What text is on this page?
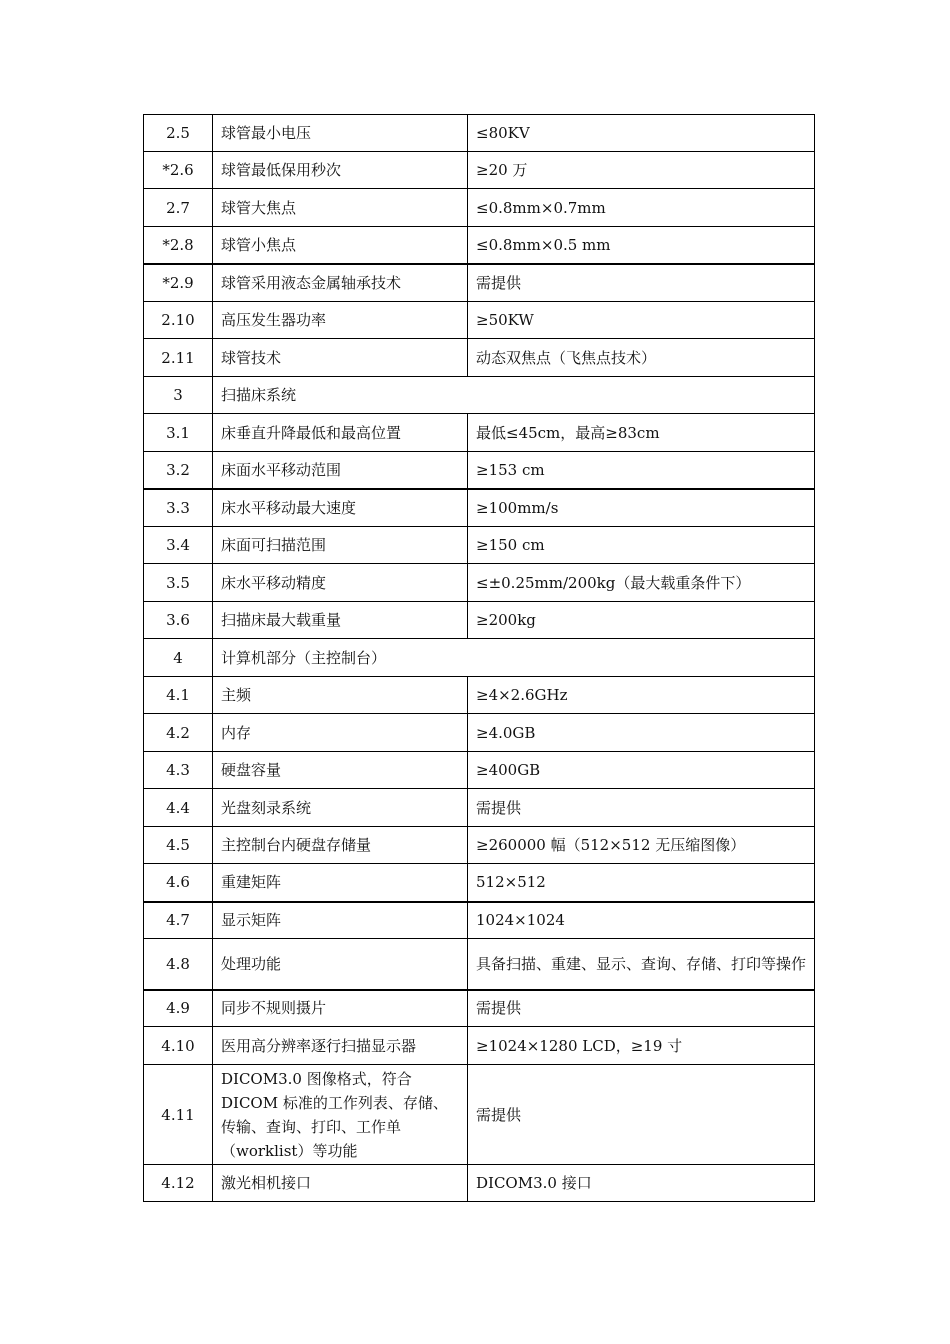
2.5	球管最小电压	≤80KV
*2.6	球管最低保用秒次	≥20 万
2.7	球管大焦点	≤0.8mm×0.7mm
*2.8	球管小焦点	≤0.8mm×0.5 mm
*2.9	球管采用液态金属轴承技术	需提供
2.10	高压发生器功率	≥50KW
2.11	球管技术	动态双焦点（飞焦点技术）
3	扫描床系统	
3.1	床垂直升降最低和最高位置	最低≤45cm，最高≥83cm
3.2	床面水平移动范围	≥153 cm
3.3	床水平移动最大速度	≥100mm/s
3.4	床面可扫描范围	≥150 cm
3.5	床水平移动精度	≤±0.25mm/200kg（最大载重条件下）
3.6	扫描床最大载重量	≥200kg
4	计算机部分（主控制台）	
4.1	主频	≥4×2.6GHz
4.2	内存	≥4.0GB
4.3	硬盘容量	≥400GB
4.4	光盘刻录系统	需提供
4.5	主控制台内硬盘存储量	≥260000 幅（512×512 无压缩图像）
4.6	重建矩阵	512×512
4.7	显示矩阵	1024×1024
4.8	处理功能	具备扫描、重建、显示、查询、存储、打印等操作
4.9	同步不规则摄片	需提供
4.10	医用高分辨率逐行扫描显示器	≥1024×1280 LCD，≥19 寸
4.11	DICOM3.0 图像格式，符合 DICOM 标准的工作列表、存储、传输、查询、打印、工作单（worklist）等功能	需提供
4.12	激光相机接口	DICOM3.0 接口
